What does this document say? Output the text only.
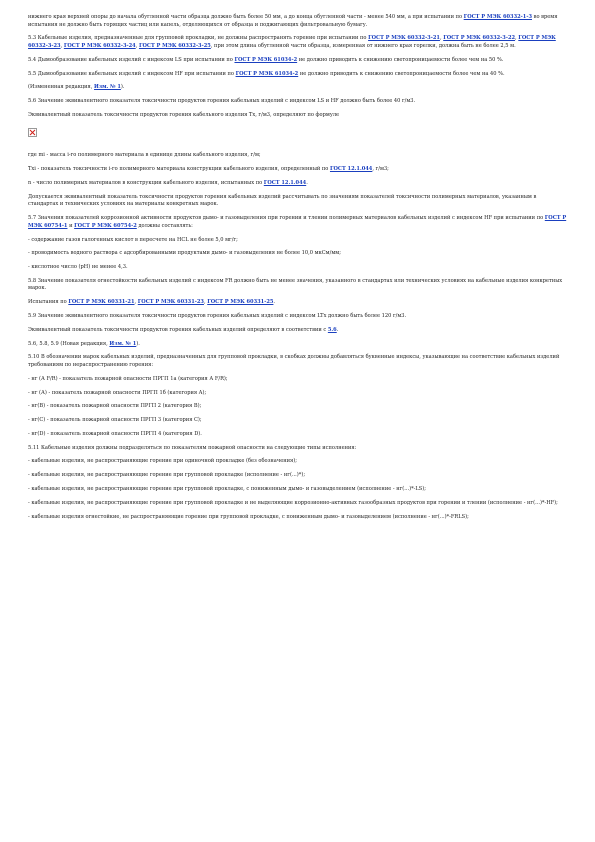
нижнего края верхней опоры до начала обугленной части образца должно быть более 50 мм, а до конца обугленной части - менее 540 мм, а при испытании по ГОСТ Р МЭК 60332-1-3 во время испытания не должно быть горящих частиц или капель, отделяющихся от образца и поджигающих фильтровальную бумагу.
5.3 Кабельные изделия, предназначенные для групповой прокладки, не должны распространять горение при испытании по ГОСТ Р МЭК 60332-3-21, ГОСТ Р МЭК 60332-3-22, ГОСТ Р МЭК 60332-3-23, ГОСТ Р МЭК 60332-3-24, ГОСТ Р МЭК 60332-3-25, при этом длина обугленной части образца, измеренная от нижнего края горелки, должна быть не более 2,5 м.
5.4 Дымообразование кабельных изделий с индексом LS при испытании по ГОСТ Р МЭК 61034-2 не должно приводить к снижению светопроницаемости более чем на 50 %.
5.5 Дымообразование кабельных изделий с индексом HF при испытании по ГОСТ Р МЭК 61034-2 не должно приводить к снижению светопроницаемости более чем на 40 %.
(Измененная редакция, Изм. № 1).
5.6 Значение эквивалентного показателя токсичности продуктов горения кабельных изделий с индексом LS и HF должно быть более 40 г/м3.
Эквивалентный показатель токсичности продуктов горения кабельного изделия Тх, г/м3, определяют по формуле
где mi - масса i-го полимерного материала в единице длины кабельного изделия, г/м;
Тхi - показатель токсичности i-го полимерного материала конструкции кабельного изделия, определенный по ГОСТ 12.1.044, г/м3;
n - число полимерных материалов в конструкции кабельного изделия, испытанных по ГОСТ 12.1.044.
Допускается эквивалентный показатель токсичности продуктов горения кабельных изделий рассчитывать по значениям показателей токсичности полимерных материалов, указанным в стандартах и технических условиях на материалы конкретных марок.
5.7 Значения показателей коррозионной активности продуктов дымо- и газовыделения при горении и тлении полимерных материалов кабельных изделий с индексом HF при испытании по ГОСТ Р МЭК 60754-1 и ГОСТ Р МЭК 60754-2 должны составлять:
- содержание газов галогенных кислот в пересчете на HCL не более 5,0 мг/г;
- проводимость водного раствора с адсорбированными продуктами дымо- и газовыделения не более 10,0 мкСм/мм;
- кислотное число (pH) не менее 4,3.
5.8 Значение показателя огнестойкости кабельных изделий с индексом FR должно быть не менее значения, указанного в стандартах или технических условиях на кабельные изделия конкретных марок.
Испытания по ГОСТ Р МЭК 60331-21, ГОСТ Р МЭК 60331-23, ГОСТ Р МЭК 60331-25.
5.9 Значение эквивалентного показателя токсичности продуктов горения кабельных изделий с индексом LTx должно быть более 120 г/м3.
Эквивалентный показатель токсичности продуктов горения кабельных изделий определяют в соответствии с 5.6.
5.6, 5.8, 5.9 (Новая редакция, Изм. № 1).
5.10 В обозначении марок кабельных изделий, предназначенных для групповой прокладки, в скобках должны добавляться буквенные индексы, указывающие на соответствие кабельных изделий требованиям по нераспространению горения:
- нг (А F/R) - показатель пожарной опасности ПРГП 1а (категория А F/R);
- нг (А) - показатель пожарной опасности ПРГП 1б (категория А);
- нг(В) - показатель пожарной опасности ПРГП 2 (категория В);
- нг(С) - показатель пожарной опасности ПРГП 3 (категория С);
- нг(D) - показатель пожарной опасности ПРГП 4 (категория D).
5.11 Кабельные изделия должны подразделяться по показателям пожарной опасности на следующие типы исполнения:
- кабельные изделия, не распространяющие горение при одиночной прокладке (без обозначения);
- кабельные изделия, не распространяющие горение при групповой прокладке (исполнение - нг(...)*);
- кабельные изделия, не распространяющие горение при групповой прокладке, с пониженным дымо- и газовыделением (исполнение - нг(...)*-LS);
- кабельные изделия, не распространяющие горение при групповой прокладке и не выделяющие коррозионно-активных газообразных продуктов при горении и тлении (исполнение - нг(...)*-HF);
- кабельные изделия огнестойкие, не распространяющие горение при групповой прокладке, с пониженным дымо- и газовыделением (исполнение - нг(...)*-FRLS);
